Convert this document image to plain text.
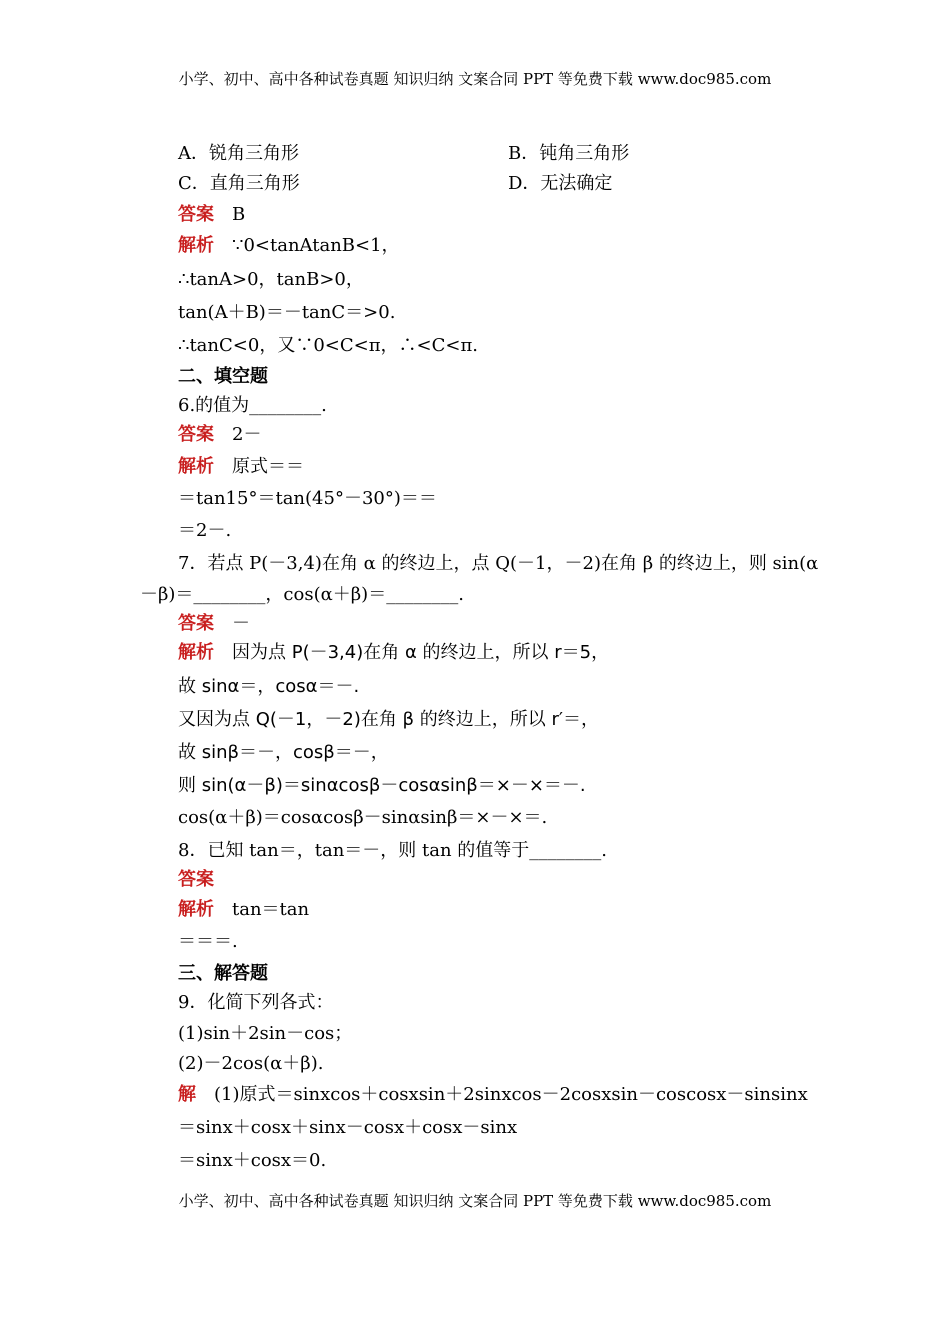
小学、初中、高中各种试卷真题 知识归纳 文案合同 PPT 等免费下载 www.doc985.com
A．锐角三角形	B．钝角三角形
C．直角三角形	D．无法确定
答案 B
解析 ∵0<tanAtanB<1，
∴tanA>0，tanB>0，
tan(A＋B)＝－tanC＝>0.
∴tanC<0，又∵0<C<π，∴<C<π.
二、填空题
6.的值为________.
答案 2－
解析 原式＝＝
＝tan15°＝tan(45°－30°)＝＝
＝2－.
7．若点 P(－3,4)在角 α 的终边上，点 Q(－1，－2)在角 β 的终边上，则 sin(α
－β)＝________，cos(α＋β)＝________.
答案 －
解析 因为点 P(－3,4)在角 α 的终边上，所以 r＝5，
故 sinα＝，cosα＝－.
又因为点 Q(－1，－2)在角 β 的终边上，所以 r′＝，
故 sinβ＝－，cosβ＝－，
则 sin(α－β)＝sinαcosβ－cosαsinβ＝×－×＝－.
cos(α＋β)＝cosαcosβ－sinαsinβ＝×－×＝.
8．已知 tan＝，tan＝－，则 tan 的值等于________.
答案
解析 tan＝tan
＝＝＝.
三、解答题
9．化简下列各式：
(1)sin＋2sin－cos；
(2)－2cos(α＋β).
解 (1)原式＝sinxcos＋cosxsin＋2sinxcos－2cosxsin－coscosx－sinsinx
＝sinx＋cosx＋sinx－cosx＋cosx－sinx
＝sinx＋cosx＝0.
小学、初中、高中各种试卷真题 知识归纳 文案合同 PPT 等免费下载 www.doc985.com
